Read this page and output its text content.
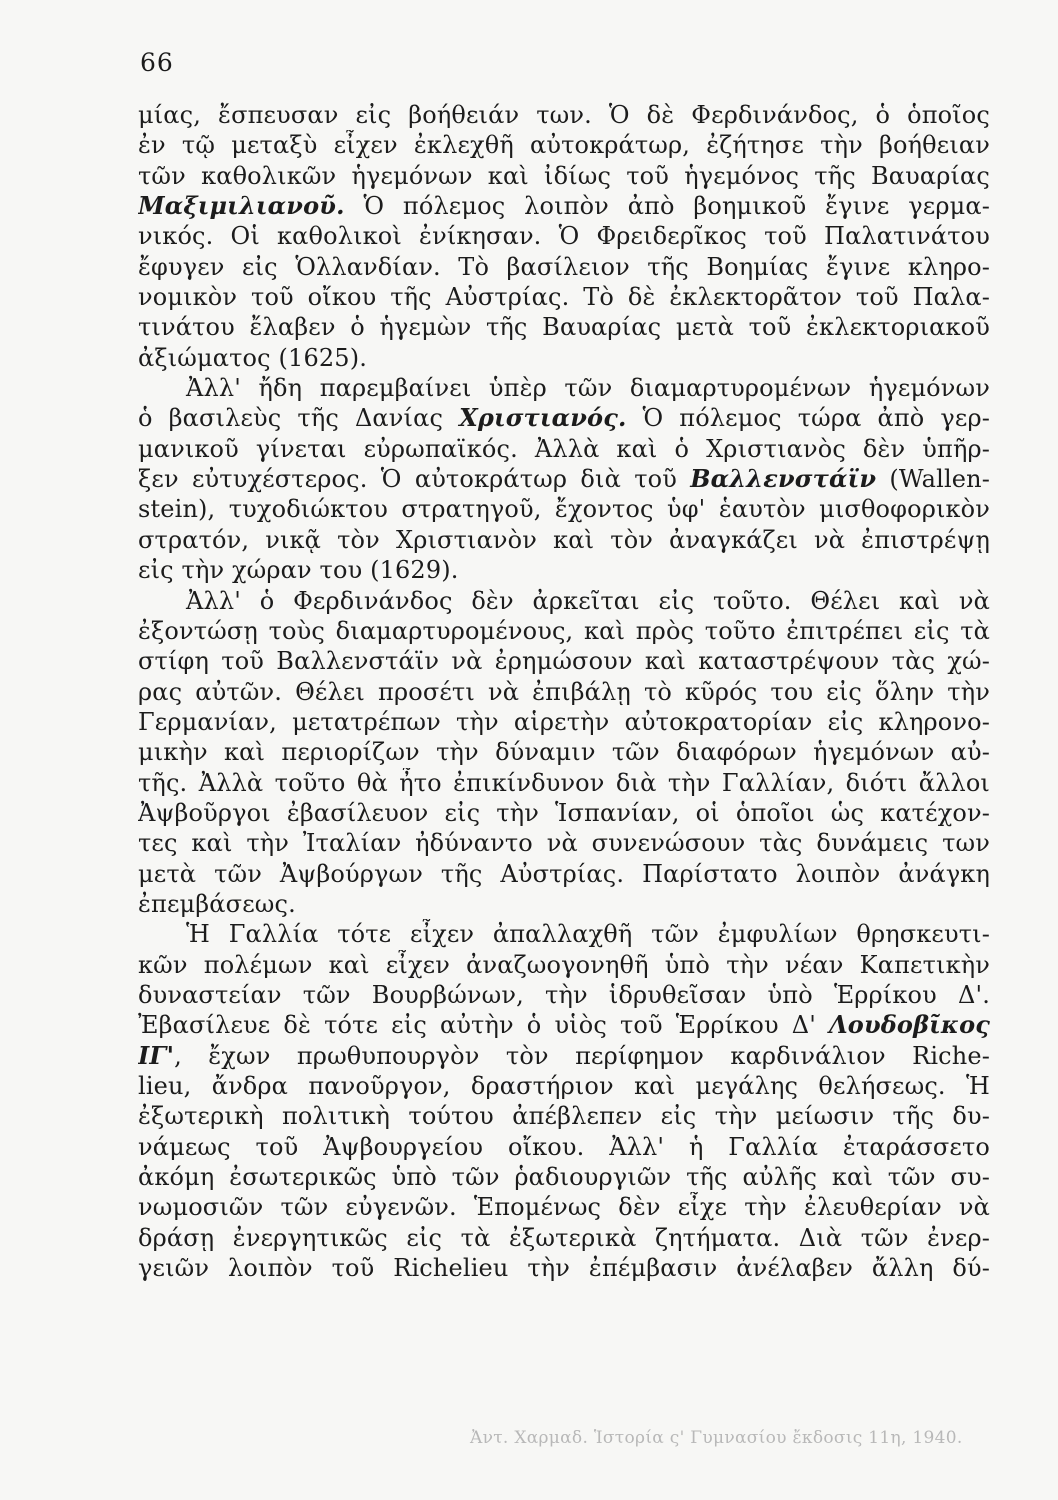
66
μίας, ἔσπευσαν εἰς βοήθειάν των. Ὁ δὲ Φερδινάνδος, ὁ ὁποῖος
ἐν τῷ μεταξὺ εἶχεν ἐκλεχθῆ αὐτοκράτωρ, ἐζήτησε τὴν βοήθειαν
τῶν καθολικῶν ἡγεμόνων καὶ ἰδίως τοῦ ἡγεμόνος τῆς Βαυαρίας
Μαξιμιλιανοῦ. Ὁ πόλεμος λοιπὸν ἀπὸ βοημικοῦ ἔγινε γερμα-
νικός. Οἱ καθολικοὶ ἐνίκησαν. Ὁ Φρειδερῖκος τοῦ Παλατινάτου
ἔφυγεν εἰς Ὁλλανδίαν. Τὸ βασίλειον τῆς Βοημίας ἔγινε κληρο-
νομικὸν τοῦ οἴκου τῆς Αὐστρίας. Τὸ δὲ ἐκλεκτορᾶτον τοῦ Παλα-
τινάτου ἔλαβεν ὁ ἡγεμὼν τῆς Βαυαρίας μετὰ τοῦ ἐκλεκτοριακοῦ
ἀξιώματος (1625).
Ἀλλ' ἤδη παρεμβαίνει ὑπὲρ τῶν διαμαρτυρομένων ἡγεμόνων
ὁ βασιλεὺς τῆς Δανίας Χριστιανός. Ὁ πόλεμος τώρα ἀπὸ γερ-
μανικοῦ γίνεται εὐρωπαϊκός. Ἀλλὰ καὶ ὁ Χριστιανὸς δὲν ὑπῆρ-
ξεν εὐτυχέστερος. Ὁ αὐτοκράτωρ διὰ τοῦ Βαλλενστάϊν (Wallen-
stein), τυχοδιώκτου στρατηγοῦ, ἔχοντος ὑφ' ἑαυτὸν μισθοφορικὸν
στρατόν, νικᾷ τὸν Χριστιανὸν καὶ τὸν ἀναγκάζει νὰ ἐπιστρέψῃ
εἰς τὴν χώραν του (1629).
Ἀλλ' ὁ Φερδινάνδος δὲν ἀρκεῖται εἰς τοῦτο. Θέλει καὶ νὰ
ἐξοντώσῃ τοὺς διαμαρτυρομένους, καὶ πρὸς τοῦτο ἐπιτρέπει εἰς τὰ
στίφη τοῦ Βαλλενστάϊν νὰ ἐρημώσουν καὶ καταστρέψουν τὰς χώ-
ρας αὐτῶν. Θέλει προσέτι νὰ ἐπιβάλῃ τὸ κῦρός του εἰς ὅλην τὴν
Γερμανίαν, μετατρέπων τὴν αἱρετὴν αὐτοκρατορίαν εἰς κληρονο-
μικὴν καὶ περιορίζων τὴν δύναμιν τῶν διαφόρων ἡγεμόνων αὐ-
τῆς. Ἀλλὰ τοῦτο θὰ ἦτο ἐπικίνδυνον διὰ τὴν Γαλλίαν, διότι ἄλλοι
Ἀψβοῦργοι ἐβασίλευον εἰς τὴν Ἱσπανίαν, οἱ ὁποῖοι ὡς κατέχον-
τες καὶ τὴν Ἰταλίαν ἠδύναντο νὰ συνενώσουν τὰς δυνάμεις των
μετὰ τῶν Ἀψβούργων τῆς Αὐστρίας. Παρίστατο λοιπὸν ἀνάγκη
ἐπεμβάσεως.
Ἡ Γαλλία τότε εἶχεν ἀπαλλαχθῆ τῶν ἐμφυλίων θρησκευτι-
κῶν πολέμων καὶ εἶχεν ἀναζωογονηθῆ ὑπὸ τὴν νέαν Καπετικὴν
δυναστείαν τῶν Βουρβώνων, τὴν ἱδρυθεῖσαν ὑπὸ Ἑρρίκου Δ'.
Ἐβασίλευε δὲ τότε εἰς αὐτὴν ὁ υἱὸς τοῦ Ἑρρίκου Δ' Λουδοβῖκος
ΙΓ', ἔχων πρωθυπουργὸν τὸν περίφημον καρδινάλιον Riche-
lieu, ἄνδρα πανοῦργον, δραστήριον καὶ μεγάλης θελήσεως. Ἡ
ἐξωτερικὴ πολιτικὴ τούτου ἀπέβλεπεν εἰς τὴν μείωσιν τῆς δυ-
νάμεως τοῦ Ἀψβουργείου οἴκου. Ἀλλ' ἡ Γαλλία ἐταράσσετο
ἀκόμη ἐσωτερικῶς ὑπὸ τῶν ῥαδιουργιῶν τῆς αὐλῆς καὶ τῶν συ-
νωμοσιῶν τῶν εὐγενῶν. Ἑπομένως δὲν εἶχε τὴν ἐλευθερίαν νὰ
δράσῃ ἐνεργητικῶς εἰς τὰ ἐξωτερικὰ ζητήματα. Διὰ τῶν ἐνερ-
γειῶν λοιπὸν τοῦ Richelieu τὴν ἐπέμβασιν ἀνέλαβεν ἄλλη δύ-
Ἀντ. Χαρμαδ. Ἱστορία ς' Γυμνασίου ἔκδοσις 11η, 1940.
